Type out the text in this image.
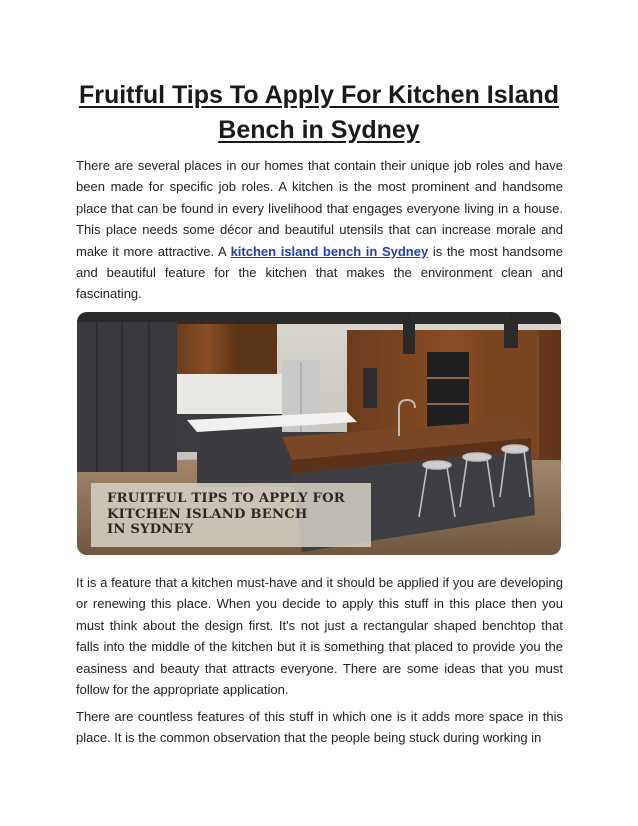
Fruitful Tips To Apply For Kitchen Island Bench in Sydney

There are several places in our homes that contain their unique job roles and have been made for specific job roles. A kitchen is the most prominent and handsome place that can be found in every livelihood that engages everyone living in a house. This place needs some décor and beautiful utensils that can increase morale and make it more attractive. A kitchen island bench in Sydney is the most handsome and beautiful feature for the kitchen that makes the environment clean and fascinating.

FRUITFUL TIPS TO APPLY FOR
KITCHEN ISLAND BENCH
IN SYDNEY

It is a feature that a kitchen must-have and it should be applied if you are developing or renewing this place. When you decide to apply this stuff in this place then you must think about the design first. It's not just a rectangular shaped benchtop that falls into the middle of the kitchen but it is something that placed to provide you the easiness and beauty that attracts everyone. There are some ideas that you must follow for the appropriate application.

There are countless features of this stuff in which one is it adds more space in this place. It is the common observation that the people being stuck during working in
